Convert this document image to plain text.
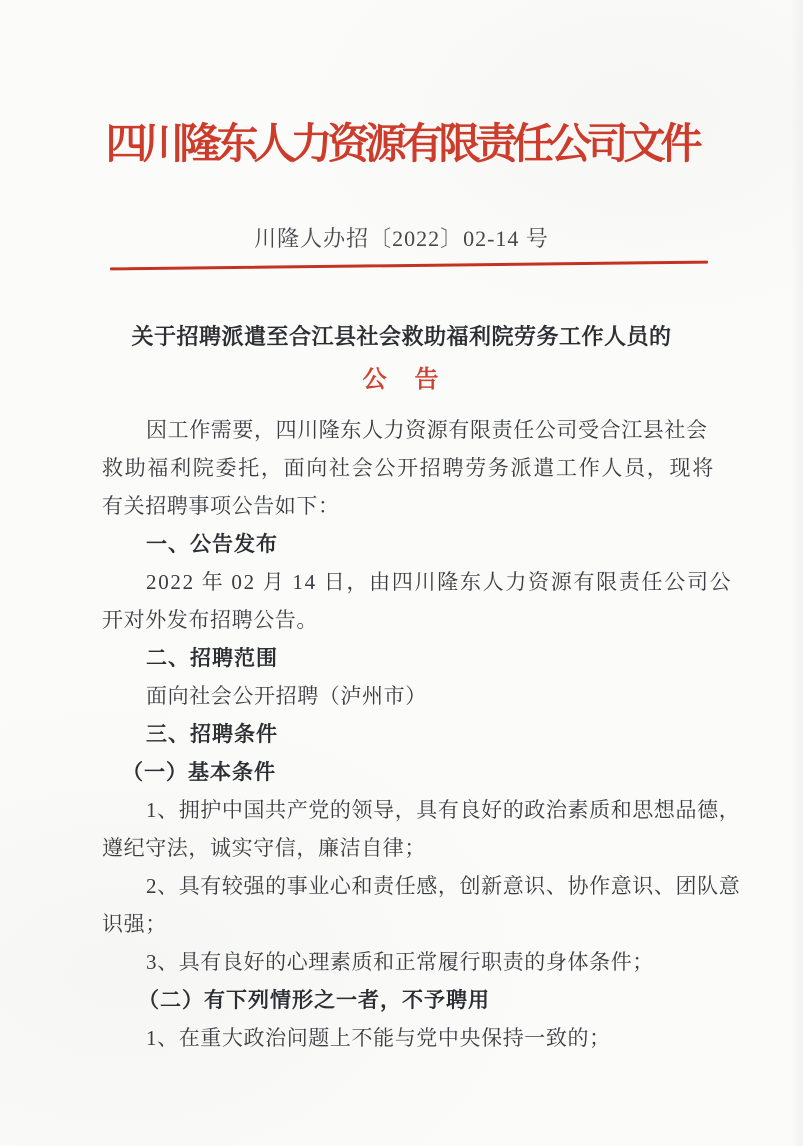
四川隆东人力资源有限责任公司文件
川隆人办招〔2022〕02-14 号
关于招聘派遣至合江县社会救助福利院劳务工作人员的
公　告
因工作需要，四川隆东人力资源有限责任公司受合江县社会
救助福利院委托，面向社会公开招聘劳务派遣工作人员，现将
有关招聘事项公告如下：
一、公告发布
2022 年 02 月 14 日，由四川隆东人力资源有限责任公司公
开对外发布招聘公告。
二、招聘范围
面向社会公开招聘（泸州市）
三、招聘条件
（一）基本条件
1、拥护中国共产党的领导，具有良好的政治素质和思想品德，
遵纪守法，诚实守信，廉洁自律；
2、具有较强的事业心和责任感，创新意识、协作意识、团队意
识强；
3、具有良好的心理素质和正常履行职责的身体条件；
（二）有下列情形之一者，不予聘用
1、在重大政治问题上不能与党中央保持一致的；
